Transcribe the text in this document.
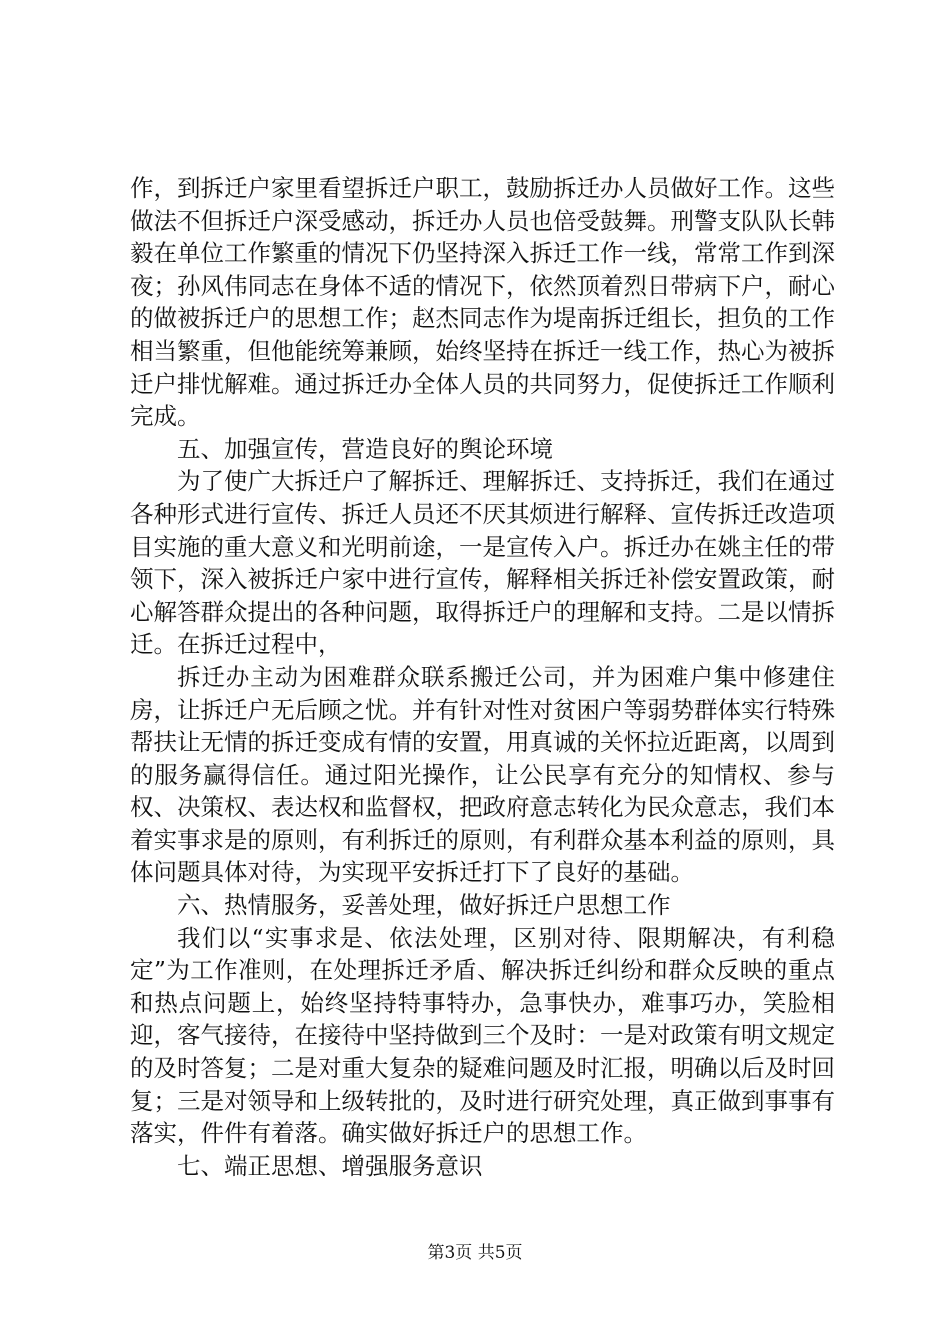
作，到拆迁户家里看望拆迁户职工，鼓励拆迁办人员做好工作。这些做法不但拆迁户深受感动，拆迁办人员也倍受鼓舞。刑警支队队长韩毅在单位工作繁重的情况下仍坚持深入拆迁工作一线，常常工作到深夜；孙风伟同志在身体不适的情况下，依然顶着烈日带病下户，耐心的做被拆迁户的思想工作；赵杰同志作为堤南拆迁组长，担负的工作相当繁重，但他能统筹兼顾，始终坚持在拆迁一线工作，热心为被拆迁户排忧解难。通过拆迁办全体人员的共同努力，促使拆迁工作顺利完成。

五、加强宣传，营造良好的舆论环境

为了使广大拆迁户了解拆迁、理解拆迁、支持拆迁，我们在通过各种形式进行宣传、拆迁人员还不厌其烦进行解释、宣传拆迁改造项目实施的重大意义和光明前途，一是宣传入户。拆迁办在姚主任的带领下，深入被拆迁户家中进行宣传，解释相关拆迁补偿安置政策，耐心解答群众提出的各种问题，取得拆迁户的理解和支持。二是以情拆迁。在拆迁过程中，

拆迁办主动为困难群众联系搬迁公司，并为困难户集中修建住房，让拆迁户无后顾之忧。并有针对性对贫困户等弱势群体实行特殊帮扶让无情的拆迁变成有情的安置，用真诚的关怀拉近距离，以周到的服务赢得信任。通过阳光操作，让公民享有充分的知情权、参与权、决策权、表达权和监督权，把政府意志转化为民众意志，我们本着实事求是的原则，有利拆迁的原则，有利群众基本利益的原则，具体问题具体对待，为实现平安拆迁打下了良好的基础。

六、热情服务，妥善处理，做好拆迁户思想工作

我们以“实事求是、依法处理，区别对待、限期解决，有利稳定”为工作准则，在处理拆迁矛盾、解决拆迁纠纷和群众反映的重点和热点问题上，始终坚持特事特办，急事快办，难事巧办，笑脸相迎，客气接待，在接待中坚持做到三个及时：一是对政策有明文规定的及时答复；二是对重大复杂的疑难问题及时汇报，明确以后及时回复；三是对领导和上级转批的，及时进行研究处理，真正做到事事有落实，件件有着落。确实做好拆迁户的思想工作。

七、端正思想、增强服务意识

第3页 共5页
